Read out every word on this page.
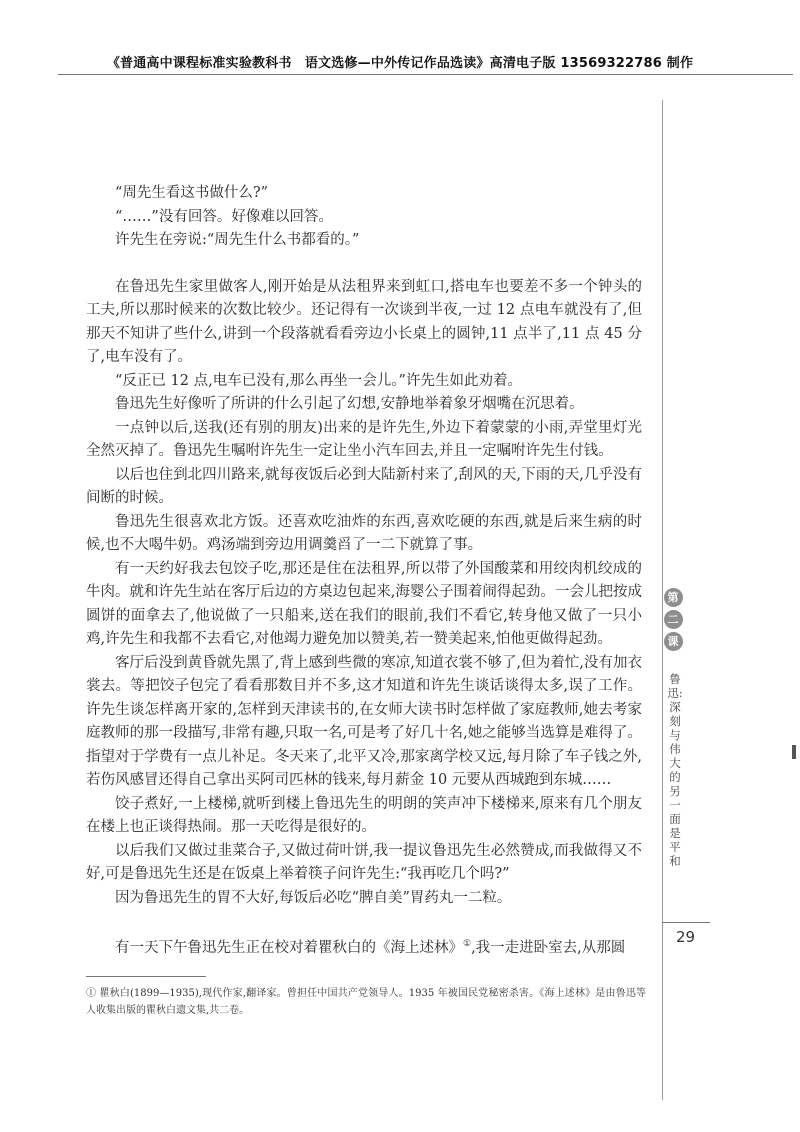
《普通高中课程标准实验教科书　语文选修—中外传记作品选读》高清电子版 13569322786 制作

“周先生看这书做什么?”

“……”没有回答。好像难以回答。

许先生在旁说:“周先生什么书都看的。”

在鲁迅先生家里做客人,刚开始是从法租界来到虹口,搭电车也要差不多一个钟头的工夫,所以那时候来的次数比较少。还记得有一次谈到半夜,一过 12 点电车就没有了,但那天不知讲了些什么,讲到一个段落就看看旁边小长桌上的圆钟,11 点半了,11 点 45 分了,电车没有了。

“反正已 12 点,电车已没有,那么再坐一会儿。”许先生如此劝着。

鲁迅先生好像听了所讲的什么引起了幻想,安静地举着象牙烟嘴在沉思着。

一点钟以后,送我(还有别的朋友)出来的是许先生,外边下着蒙蒙的小雨,弄堂里灯光全然灭掉了。鲁迅先生嘱咐许先生一定让坐小汽车回去,并且一定嘱咐许先生付钱。

以后也住到北四川路来,就每夜饭后必到大陆新村来了,刮风的天,下雨的天,几乎没有间断的时候。

鲁迅先生很喜欢北方饭。还喜欢吃油炸的东西,喜欢吃硬的东西,就是后来生病的时候,也不大喝牛奶。鸡汤端到旁边用调羹舀了一二下就算了事。

有一天约好我去包饺子吃,那还是住在法租界,所以带了外国酸菜和用绞肉机绞成的牛肉。就和许先生站在客厅后边的方桌边包起来,海婴公子围着闹得起劲。一会儿把按成圆饼的面拿去了,他说做了一只船来,送在我们的眼前,我们不看它,转身他又做了一只小鸡,许先生和我都不去看它,对他竭力避免加以赞美,若一赞美起来,怕他更做得起劲。

客厅后没到黄昏就先黑了,背上感到些微的寒凉,知道衣裳不够了,但为着忙,没有加衣裳去。等把饺子包完了看看那数目并不多,这才知道和许先生谈话谈得太多,误了工作。许先生谈怎样离开家的,怎样到天津读书的,在女师大读书时怎样做了家庭教师,她去考家庭教师的那一段描写,非常有趣,只取一名,可是考了好几十名,她之能够当选算是难得了。指望对于学费有一点儿补足。冬天来了,北平又冷,那家离学校又远,每月除了车子钱之外,若伤风感冒还得自己拿出买阿司匹林的钱来,每月薪金 10 元要从西城跑到东城……

饺子煮好,一上楼梯,就听到楼上鲁迅先生的明朗的笑声冲下楼梯来,原来有几个朋友在楼上也正谈得热闹。那一天吃得是很好的。

以后我们又做过韭菜合子,又做过荷叶饼,我一提议鲁迅先生必然赞成,而我做得又不好,可是鲁迅先生还是在饭桌上举着筷子问许先生:“我再吃几个吗?”

因为鲁迅先生的胃不大好,每饭后必吃“脾自美”胃药丸一二粒。

有一天下午鲁迅先生正在校对着瞿秋白的《海上述林》①,我一走进卧室去,从那圆

第
二
课
鲁迅:深刻与伟大的另一面是平和
29
① 瞿秋白(1899—1935),现代作家,翻译家。曾担任中国共产党领导人。1935 年被国民党秘密杀害。《海上述林》是由鲁迅等人收集出版的瞿秋白遗文集,共二卷。
